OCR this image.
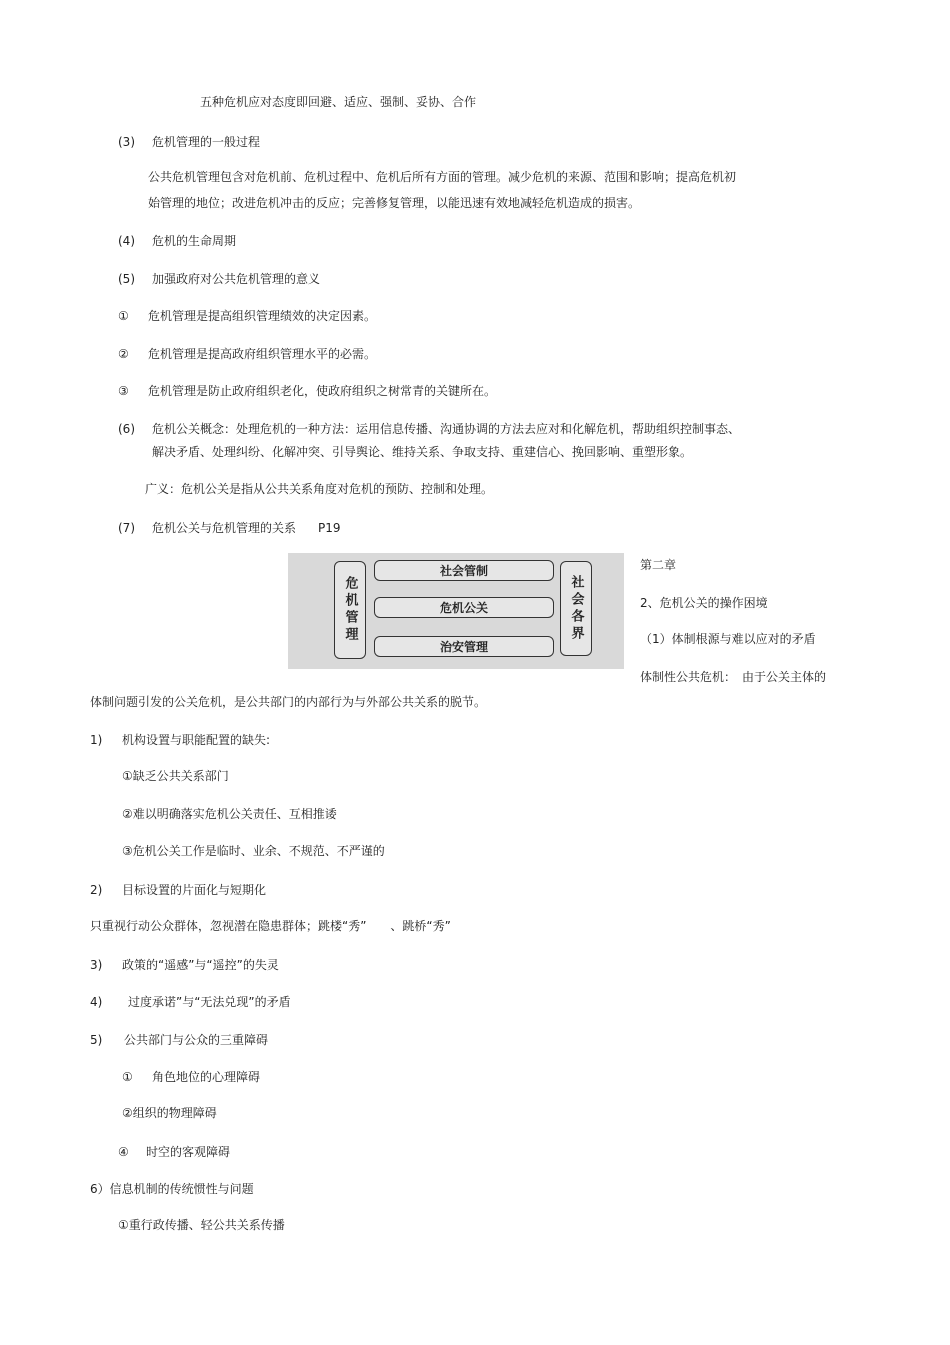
五种危机应对态度即回避、适应、强制、妥协、合作
(3) 危机管理的一般过程
公共危机管理包含对危机前、危机过程中、危机后所有方面的管理。减少危机的来源、范围和影响；提高危机初
始管理的地位；改进危机冲击的反应；完善修复管理，以能迅速有效地减轻危机造成的损害。
(4) 危机的生命周期
(5) 加强政府对公共危机管理的意义
① 危机管理是提高组织管理绩效的决定因素。
② 危机管理是提高政府组织管理水平的必需。
③ 危机管理是防止政府组织老化，使政府组织之树常青的关键所在。
(6) 危机公关概念：处理危机的一种方法：运用信息传播、沟通协调的方法去应对和化解危机，帮助组织控制事态、
解决矛盾、处理纠纷、化解冲突、引导舆论、维持关系、争取支持、重建信心、挽回影响、重塑形象。
广义：危机公关是指从公共关系角度对危机的预防、控制和处理。
(7) 危机公关与危机管理的关系 P19
危机管理
社会管制
危机公关
治安管理
社会各界
第二章
2、危机公关的操作困境
（1）体制根源与难以应对的矛盾
体制性公共危机：　由于公关主体的
体制问题引发的公关危机，是公共部门的内部行为与外部公共关系的脱节。
1) 机构设置与职能配置的缺失:
①缺乏公共关系部门
②难以明确落实危机公关责任、互相推诿
③危机公关工作是临时、业余、不规范、不严谨的
2) 目标设置的片面化与短期化
只重视行动公众群体，忽视潜在隐患群体；跳楼“秀”　　、跳桥“秀”
3) 政策的“遥感”与“遥控”的失灵
4) 过度承诺”与“无法兑现”的矛盾
5) 公共部门与公众的三重障碍
① 角色地位的心理障碍
②组织的物理障碍
④ 时空的客观障碍
6）信息机制的传统惯性与问题
①重行政传播、轻公共关系传播
